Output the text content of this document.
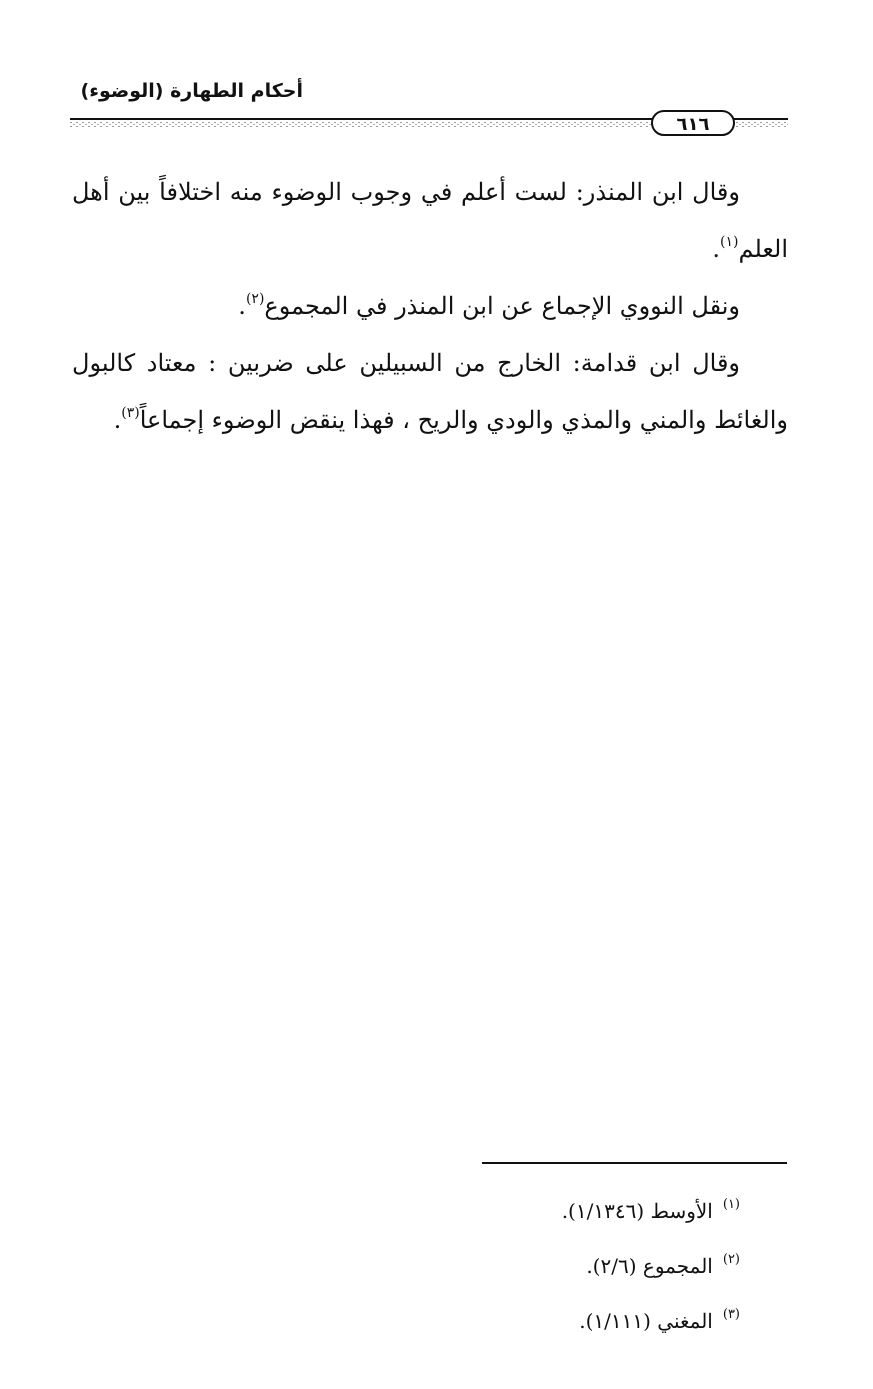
أحكام الطهارة (الوضوء)
٦١٦

وقال ابن المنذر: لست أعلم في وجوب الوضوء منه اختلافاً بين أهل العلم$^{(١)}$.

ونقل النووي الإجماع عن ابن المنذر في المجموع$^{(٢)}$.

وقال ابن قدامة: الخارج من السبيلين على ضربين : معتاد كالبول والغائط والمني والمذي والودي والريح ، فهذا ينقض الوضوء إجماعاً$^{(٣)}$.

$^{(١)}$الأوسط (١/١٣٤٦).
$^{(٢)}$المجموع (٢/٦).
$^{(٣)}$المغني (١/١١١).
